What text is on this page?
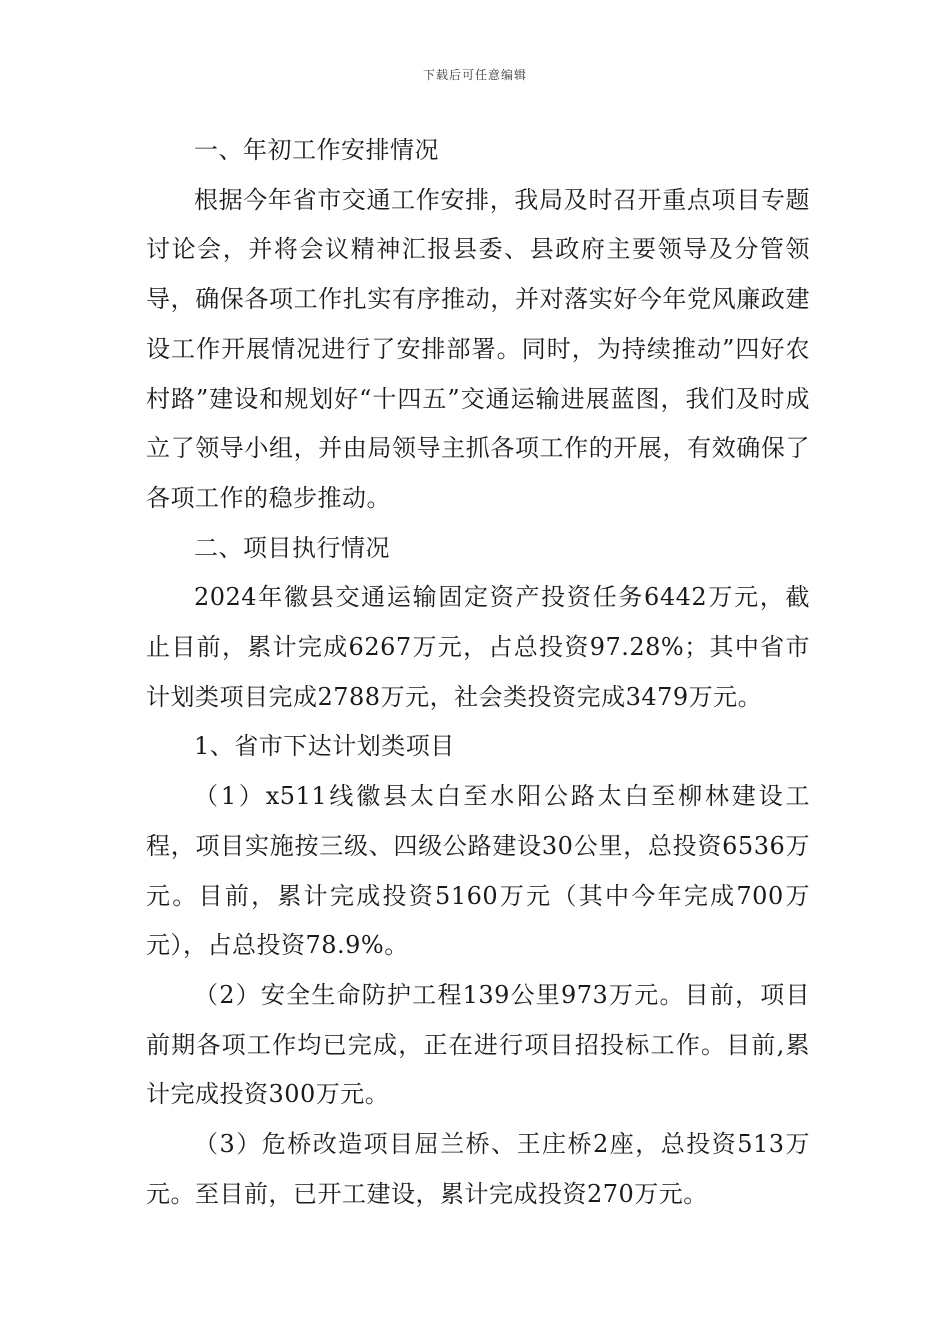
下载后可任意编辑

一、年初工作安排情况

根据今年省市交通工作安排，我局及时召开重点项目专题讨论会，并将会议精神汇报县委、县政府主要领导及分管领导，确保各项工作扎实有序推动，并对落实好今年党风廉政建设工作开展情况进行了安排部署。同时，为持续推动”四好农村路”建设和规划好“十四五”交通运输进展蓝图，我们及时成立了领导小组，并由局领导主抓各项工作的开展，有效确保了各项工作的稳步推动。

二、项目执行情况

2024年徽县交通运输固定资产投资任务6442万元，截止目前，累计完成6267万元，占总投资97.28%；其中省市计划类项目完成2788万元，社会类投资完成3479万元。

1、省市下达计划类项目

（1）x511线徽县太白至水阳公路太白至柳林建设工程，项目实施按三级、四级公路建设30公里，总投资6536万元。目前，累计完成投资5160万元（其中今年完成700万元），占总投资78.9%。

（2）安全生命防护工程139公里973万元。目前，项目前期各项工作均已完成，正在进行项目招投标工作。目前,累计完成投资300万元。

（3）危桥改造项目屈兰桥、王庄桥2座，总投资513万元。至目前，已开工建设，累计完成投资270万元。
